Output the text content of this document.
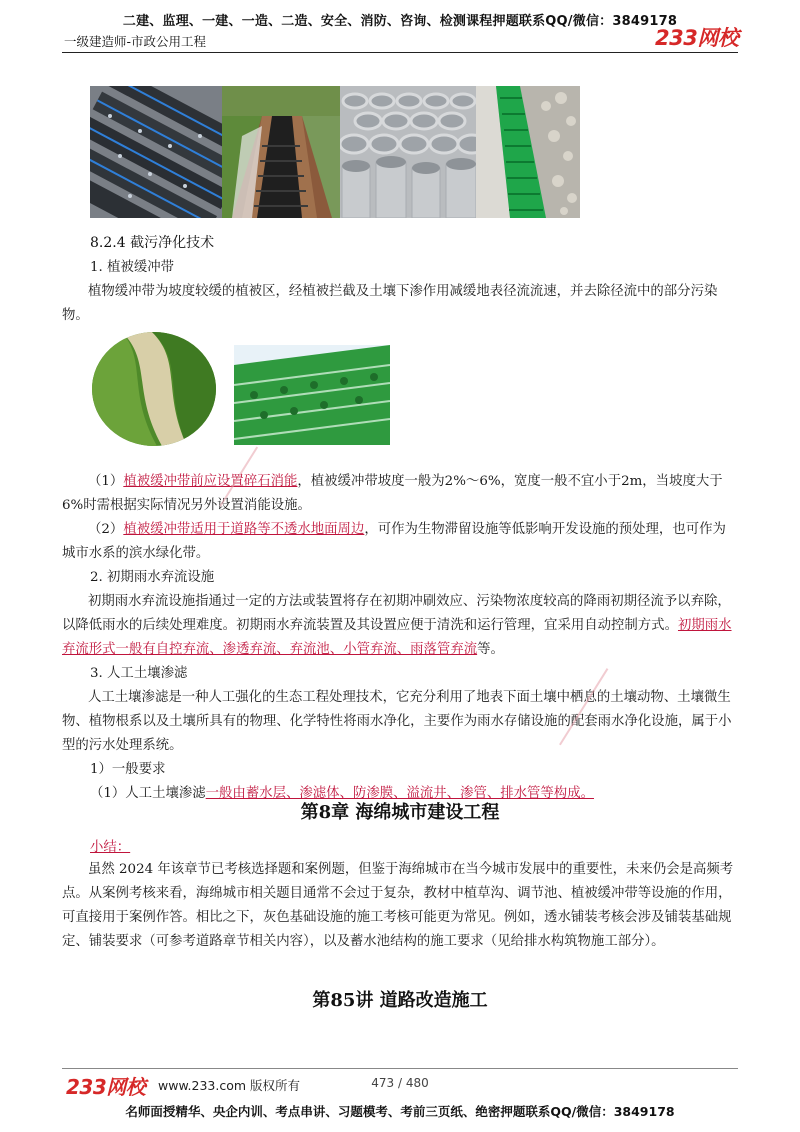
二建、监理、一建、一造、二造、安全、消防、咨询、检测课程押题联系QQ/微信：3849178
一级建造师-市政公用工程	233网校
8.2.4 截污净化技术
1. 植被缓冲带
植物缓冲带为坡度较缓的植被区，经植被拦截及土壤下渗作用减缓地表径流流速，并去除径流中的部分污染物。
（1）植被缓冲带前应设置碎石消能，植被缓冲带坡度一般为2%～6%，宽度一般不宜小于2m，当坡度大于6%时需根据实际情况另外设置消能设施。
（2）植被缓冲带适用于道路等不透水地面周边，可作为生物滞留设施等低影响开发设施的预处理，也可作为城市水系的滨水绿化带。
2. 初期雨水弃流设施
初期雨水弃流设施指通过一定的方法或装置将存在初期冲刷效应、污染物浓度较高的降雨初期径流予以弃除，以降低雨水的后续处理难度。初期雨水弃流装置及其设置应便于清洗和运行管理，宜采用自动控制方式。初期雨水弃流形式一般有自控弃流、渗透弃流、弃流池、小管弃流、雨落管弃流等。
3. 人工土壤渗滤
人工土壤渗滤是一种人工强化的生态工程处理技术，它充分利用了地表下面土壤中栖息的土壤动物、土壤微生物、植物根系以及土壤所具有的物理、化学特性将雨水净化，主要作为雨水存储设施的配套雨水净化设施，属于小型的污水处理系统。
1）一般要求
（1）人工土壤渗滤一般由蓄水层、渗滤体、防渗膜、溢流井、渗管、排水管等构成。
第8章 海绵城市建设工程
小结：
虽然 2024 年该章节已考核选择题和案例题，但鉴于海绵城市在当今城市发展中的重要性，未来仍会是高频考点。从案例考核来看，海绵城市相关题目通常不会过于复杂，教材中植草沟、调节池、植被缓冲带等设施的作用，可直接用于案例作答。相比之下，灰色基础设施的施工考核可能更为常见。例如，透水铺装考核会涉及铺装基础规定、铺装要求（可参考道路章节相关内容），以及蓄水池结构的施工要求（见给排水构筑物施工部分）。
第85讲 道路改造施工
233网校 www.233.com 版权所有	473 / 480
名师面授精华、央企内训、考点串讲、习题模考、考前三页纸、绝密押题联系QQ/微信：3849178
